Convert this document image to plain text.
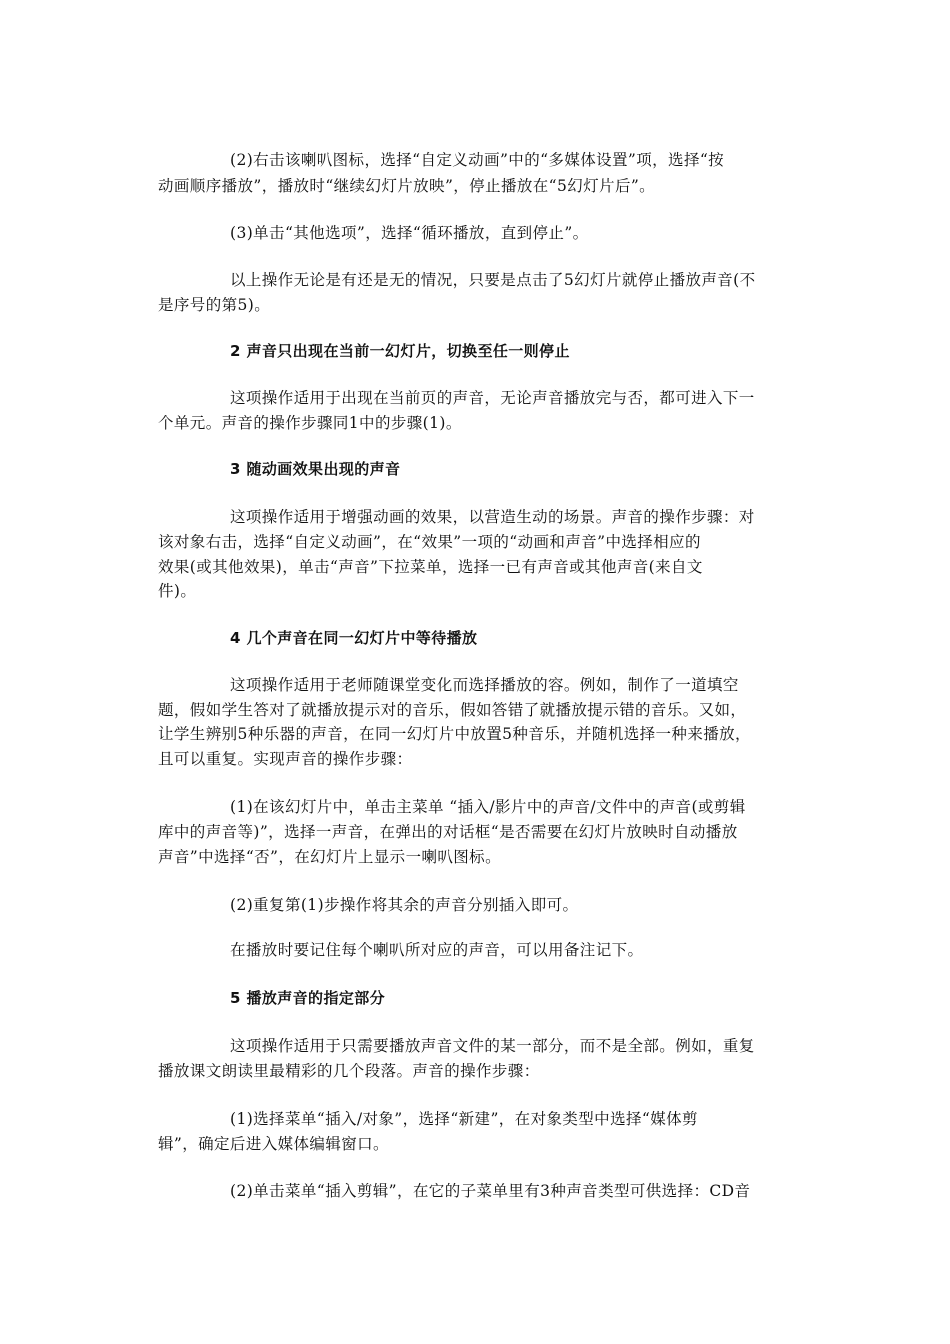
(2)右击该喇叭图标，选择“自定义动画”中的“多媒体设置”项，选择“按
动画顺序播放”，播放时“继续幻灯片放映”，停止播放在“5幻灯片后”。
(3)单击“其他选项”，选择“循环播放，直到停止”。
以上操作无论是有还是无的情况，只要是点击了5幻灯片就停止播放声音(不
是序号的第5)。
2 声音只出现在当前一幻灯片，切换至任一则停止
这项操作适用于出现在当前页的声音，无论声音播放完与否，都可进入下一
个单元。声音的操作步骤同1中的步骤(1)。
3 随动画效果出现的声音
这项操作适用于增强动画的效果，以营造生动的场景。声音的操作步骤：对
该对象右击，选择“自定义动画”，在“效果”一项的“动画和声音”中选择相应的
效果(或其他效果)，单击“声音”下拉菜单，选择一已有声音或其他声音(来自文
件)。
4 几个声音在同一幻灯片中等待播放
这项操作适用于老师随课堂变化而选择播放的容。例如，制作了一道填空
题，假如学生答对了就播放提示对的音乐，假如答错了就播放提示错的音乐。又如，
让学生辨别5种乐器的声音，在同一幻灯片中放置5种音乐，并随机选择一种来播放，
且可以重复。实现声音的操作步骤：
(1)在该幻灯片中，单击主菜单 “插入/影片中的声音/文件中的声音(或剪辑
库中的声音等)”，选择一声音，在弹出的对话框“是否需要在幻灯片放映时自动播放
声音”中选择“否”，在幻灯片上显示一喇叭图标。
(2)重复第(1)步操作将其余的声音分别插入即可。
在播放时要记住每个喇叭所对应的声音，可以用备注记下。
5 播放声音的指定部分
这项操作适用于只需要播放声音文件的某一部分，而不是全部。例如，重复
播放课文朗读里最精彩的几个段落。声音的操作步骤：
(1)选择菜单“插入/对象”，选择“新建”，在对象类型中选择“媒体剪
辑”，确定后进入媒体编辑窗口。
(2)单击菜单“插入剪辑”，在它的子菜单里有3种声音类型可供选择：CD音
